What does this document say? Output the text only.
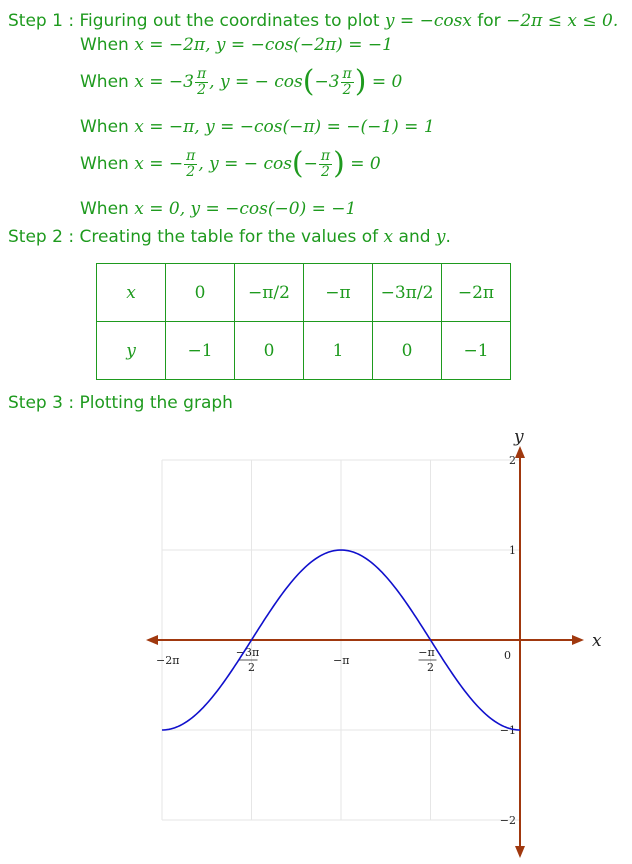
Step 1 : Figuring out the coordinates to plot y = −cosx for −2π ≤ x ≤ 0.
When x = −2π, y = −cos(−2π) = −1
When $x = -3 \frac{\pi}{2}$ , y = − $\cos(-3 \frac{\pi}{2}$ ) = 0
When x = −π, y = −cos(−π) = −(−1) = 1
When x = − $\frac{\pi}{2}$ , y = − $\cos(- \frac{\pi}{2}$ ) = 0
When x = 0, y = −cos(−0) = −1
Step 2 : Creating the table for the values of x and y.
x	0	−π/2	−π	−3π/2	−2π
y	−1	0	1	0	−1
Step 3 : Plotting the graph
x
y
−2π	−π
−3π
2
−π
2
0
2
1
−1
−2
